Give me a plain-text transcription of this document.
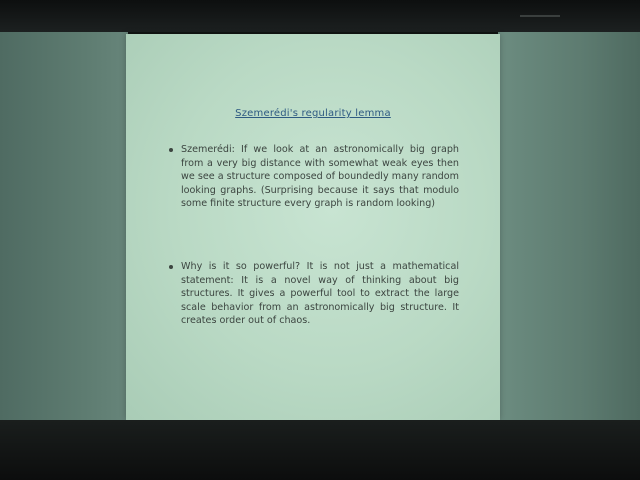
Szemerédi's regularity lemma
Szemerédi: If we look at an astronomically big graph from a very big distance with somewhat weak eyes then we see a structure composed of boundedly many random looking graphs. (Surprising because it says that modulo some finite structure every graph is random looking)
Why is it so powerful? It is not just a mathematical statement: It is a novel way of thinking about big structures. It gives a powerful tool to extract the large scale behavior from an astronomically big structure. It creates order out of chaos.
